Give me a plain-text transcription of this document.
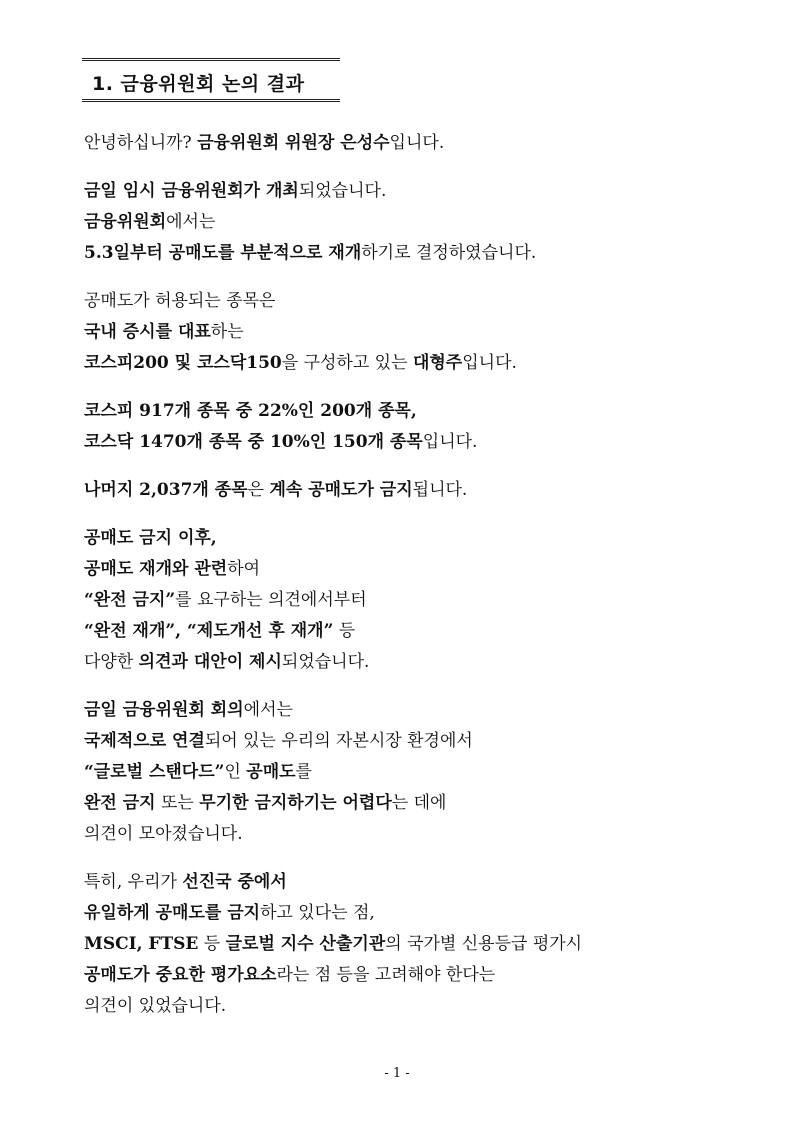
1. 금융위원회 논의 결과
안녕하십니까? 금융위원회 위원장 은성수입니다.
금일 임시 금융위원회가 개최되었습니다.
금융위원회에서는
5.3일부터 공매도를 부분적으로 재개하기로 결정하였습니다.
공매도가 허용되는 종목은
국내 증시를 대표하는
코스피200 및 코스닥150을 구성하고 있는 대형주입니다.
코스피 917개 종목 중 22%인 200개 종목,
코스닥 1470개 종목 중 10%인 150개 종목입니다.
나머지 2,037개 종목은 계속 공매도가 금지됩니다.
공매도 금지 이후,
공매도 재개와 관련하여
“완전 금지”를 요구하는 의견에서부터
“완전 재개”, “제도개선 후 재개” 등
다양한 의견과 대안이 제시되었습니다.
금일 금융위원회 회의에서는
국제적으로 연결되어 있는 우리의 자본시장 환경에서
“글로벌 스탠다드”인 공매도를
완전 금지 또는 무기한 금지하기는 어렵다는 데에
의견이 모아졌습니다.
특히, 우리가 선진국 중에서
유일하게 공매도를 금지하고 있다는 점,
MSCI, FTSE 등 글로벌 지수 산출기관의 국가별 신용등급 평가시
공매도가 중요한 평가요소라는 점 등을 고려해야 한다는
의견이 있었습니다.
- 1 -
